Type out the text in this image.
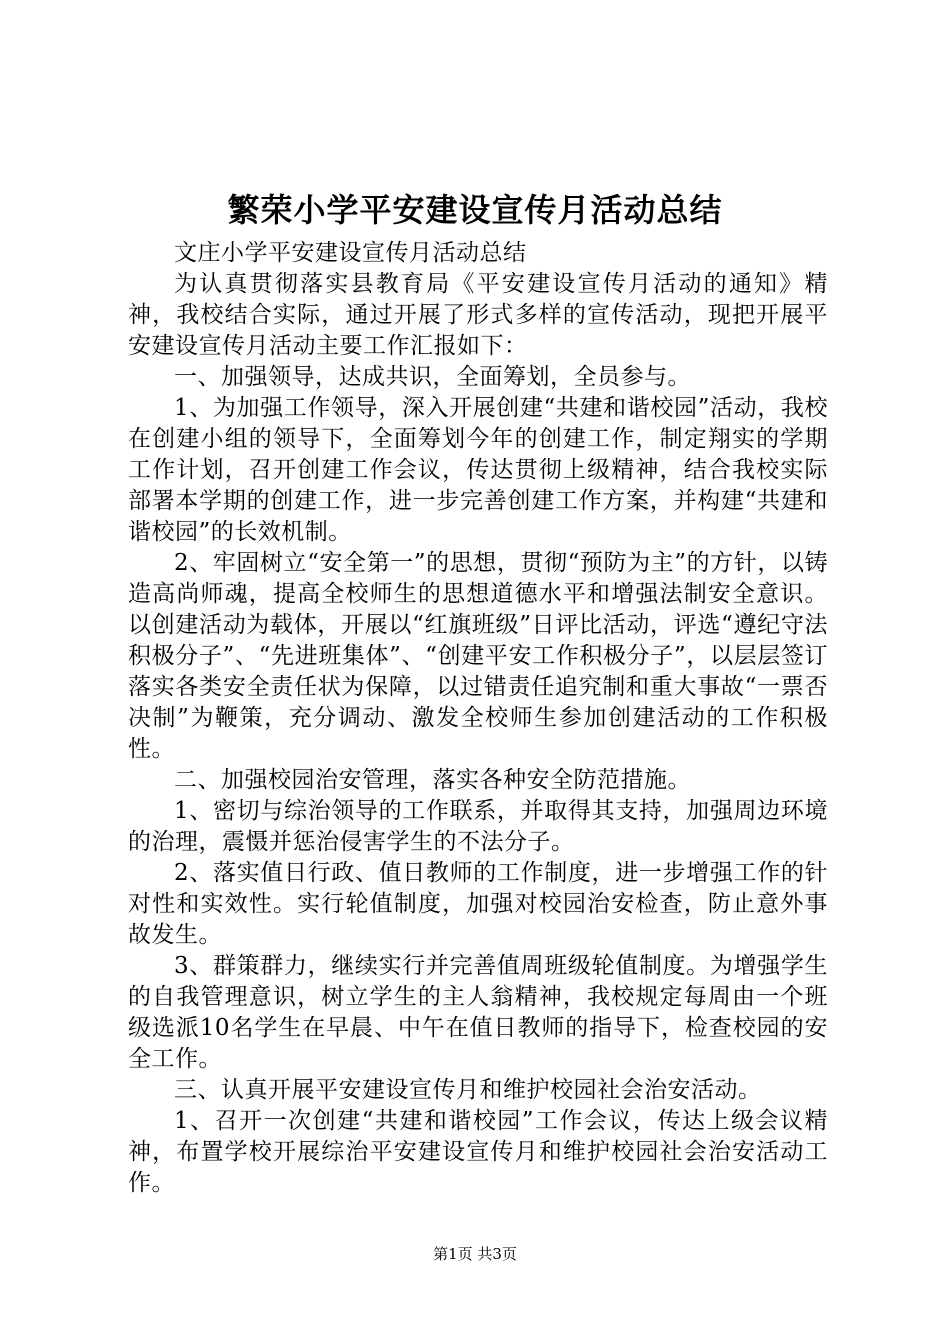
繁荣小学平安建设宣传月活动总结

文庄小学平安建设宣传月活动总结

为认真贯彻落实县教育局《平安建设宣传月活动的通知》精神，我校结合实际，通过开展了形式多样的宣传活动，现把开展平安建设宣传月活动主要工作汇报如下：

一、加强领导，达成共识，全面筹划，全员参与。

1、为加强工作领导，深入开展创建“共建和谐校园”活动，我校在创建小组的领导下，全面筹划今年的创建工作，制定翔实的学期工作计划，召开创建工作会议，传达贯彻上级精神，结合我校实际部署本学期的创建工作，进一步完善创建工作方案，并构建“共建和谐校园”的长效机制。

2、牢固树立“安全第一”的思想，贯彻“预防为主”的方针，以铸造高尚师魂，提高全校师生的思想道德水平和增强法制安全意识。以创建活动为载体，开展以“红旗班级”日评比活动，评选“遵纪守法积极分子”、“先进班集体”、“创建平安工作积极分子”，以层层签订落实各类安全责任状为保障，以过错责任追究制和重大事故“一票否决制”为鞭策，充分调动、激发全校师生参加创建活动的工作积极性。

二、加强校园治安管理，落实各种安全防范措施。

1、密切与综治领导的工作联系，并取得其支持，加强周边环境的治理，震慑并惩治侵害学生的不法分子。

2、落实值日行政、值日教师的工作制度，进一步增强工作的针对性和实效性。实行轮值制度，加强对校园治安检查，防止意外事故发生。

3、群策群力，继续实行并完善值周班级轮值制度。为增强学生的自我管理意识，树立学生的主人翁精神，我校规定每周由一个班级选派10名学生在早晨、中午在值日教师的指导下，检查校园的安全工作。

三、认真开展平安建设宣传月和维护校园社会治安活动。

1、召开一次创建“共建和谐校园”工作会议，传达上级会议精神，布置学校开展综治平安建设宣传月和维护校园社会治安活动工作。

第1页 共3页
